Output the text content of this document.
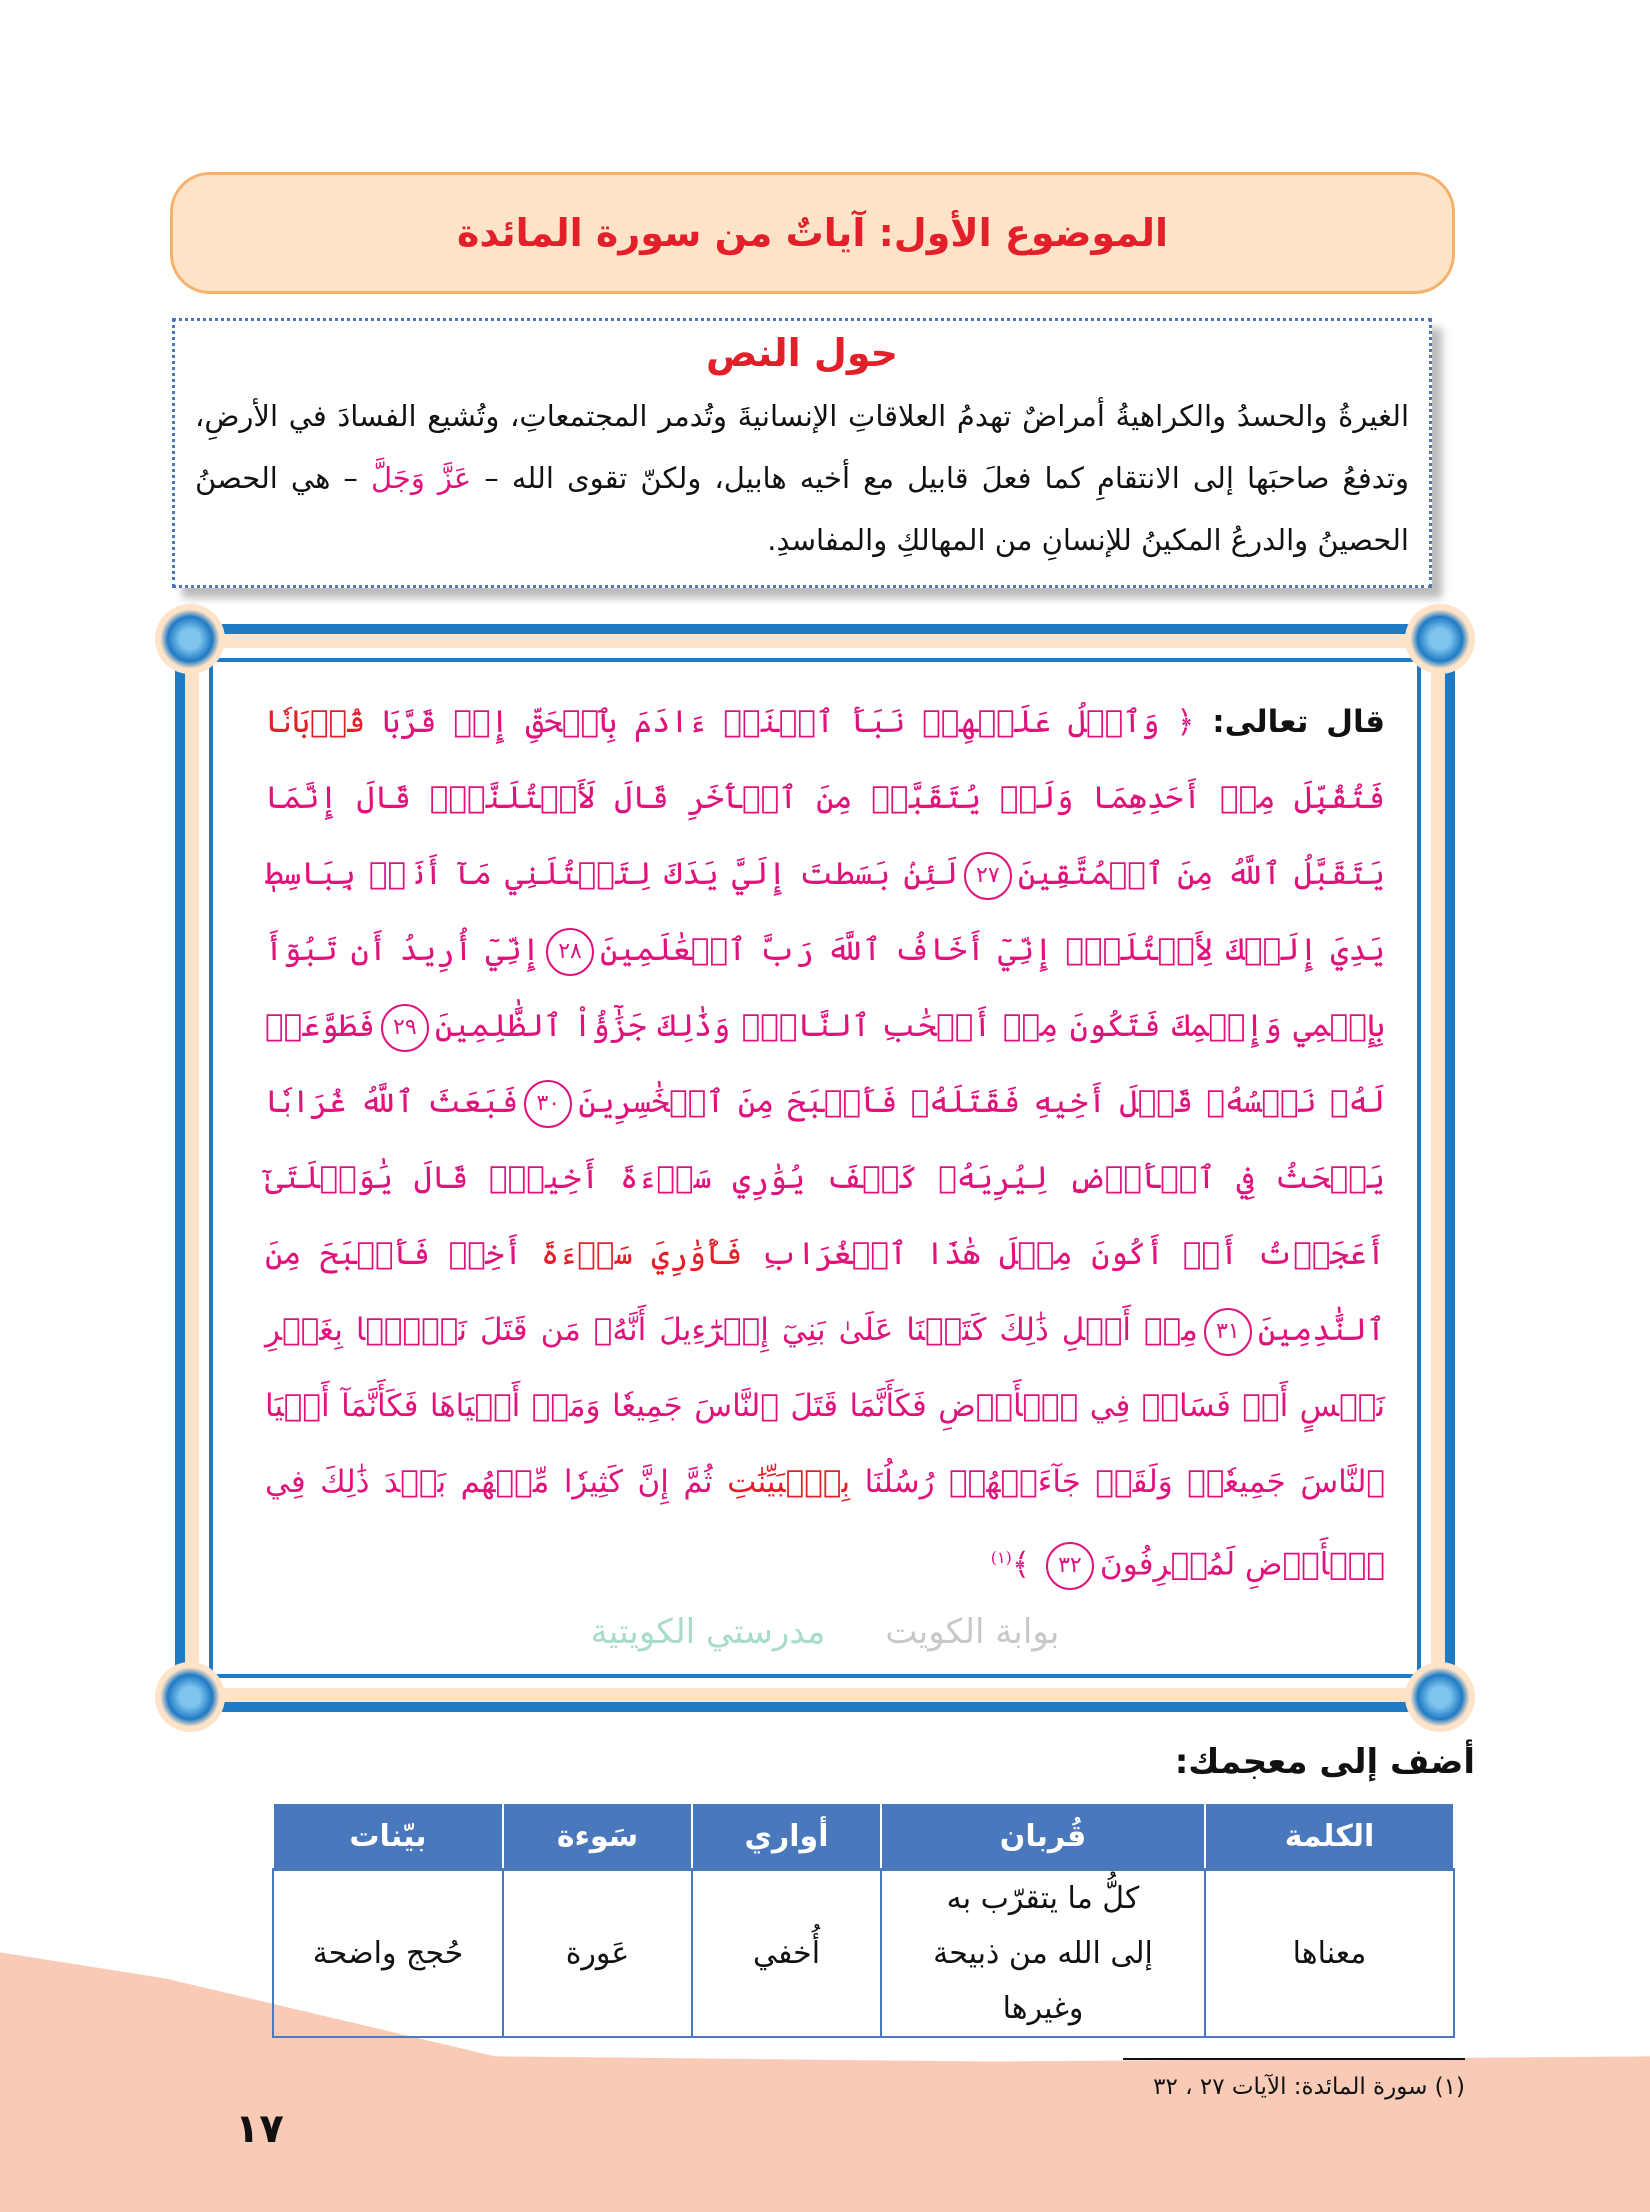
الموضوع الأول: آياتٌ من سورة المائدة
حول النص

الغيرةُ والحسدُ والكراهيةُ أمراضٌ تهدمُ العلاقاتِ الإنسانيةَ وتُدمر المجتمعاتِ، وتُشيع الفسادَ في الأرضِ، وتدفعُ صاحبَها إلى الانتقامِ كما فعلَ قابيل مع أخيه هابيل، ولكنّ تقوى الله – عَزَّ وَجَلَّ – هي الحصنُ الحصينُ والدرعُ المكينُ للإنسانِ من المهالكِ والمفاسدِ.

قال تعالى: ﴿ وَٱتۡلُ عَلَيۡهِمۡ نَبَأَ ٱبۡنَيۡ ءَادَمَ بِٱلۡحَقِّ إِذۡ قَرَّبَا قُرۡبَانٗا فَتُقُبِّلَ مِنۡ أَحَدِهِمَا وَلَمۡ يُتَقَبَّلۡ مِنَ ٱلۡأٓخَرِ قَالَ لَأَقۡتُلَنَّكَۖ قَالَ إِنَّمَا يَتَقَبَّلُ ٱللَّهُ مِنَ ٱلۡمُتَّقِينَ٢٧لَئِنۢ بَسَطتَ إِلَيَّ يَدَكَ لِتَقۡتُلَنِي مَآ أَنَا۠ بِبَاسِطٖ يَدِيَ إِلَيۡكَ لِأَقۡتُلَكَۖ إِنِّيٓ أَخَافُ ٱللَّهَ رَبَّ ٱلۡعَٰلَمِينَ٢٨إِنِّيٓ أُرِيدُ أَن تَبُوٓأَ بِإِثۡمِي وَإِثۡمِكَ فَتَكُونَ مِنۡ أَصۡحَٰبِ ٱلنَّارِۚ وَذَٰلِكَ جَزَٰٓؤُاْ ٱلظَّٰلِمِينَ٢٩فَطَوَّعَتۡ لَهُۥ نَفۡسُهُۥ قَتۡلَ أَخِيهِ فَقَتَلَهُۥ فَأَصۡبَحَ مِنَ ٱلۡخَٰسِرِينَ٣٠فَبَعَثَ ٱللَّهُ غُرَابٗا يَبۡحَثُ فِي ٱلۡأَرۡضِ لِيُرِيَهُۥ كَيۡفَ يُوَٰرِي سَوۡءَةَ أَخِيهِۚ قَالَ يَٰوَيۡلَتَىٰٓ أَعَجَزۡتُ أَنۡ أَكُونَ مِثۡلَ هَٰذَا ٱلۡغُرَابِ فَأُوَٰرِيَ سَوۡءَةَ أَخِيۖ فَأَصۡبَحَ مِنَ ٱلنَّٰدِمِينَ٣١مِنۡ أَجۡلِ ذَٰلِكَ كَتَبۡنَا عَلَىٰ بَنِيٓ إِسۡرَٰٓءِيلَ أَنَّهُۥ مَن قَتَلَ نَفۡسَۢا بِغَيۡرِ نَفۡسٍ أَوۡ فَسَادٖ فِي ٱلۡأَرۡضِ فَكَأَنَّمَا قَتَلَ ٱلنَّاسَ جَمِيعٗا وَمَنۡ أَحۡيَاهَا فَكَأَنَّمَآ أَحۡيَا ٱلنَّاسَ جَمِيعٗاۚ وَلَقَدۡ جَآءَتۡهُمۡ رُسُلُنَا بِٱلۡبَيِّنَٰتِ ثُمَّ إِنَّ كَثِيرٗا مِّنۡهُم بَعۡدَ ذَٰلِكَ فِي ٱلۡأَرۡضِ لَمُسۡرِفُونَ٣٢ ﴾$^{(١)}$
بوابة الكويت
مدرستي الكويتية
أضف إلى معجمك:
الكلمة	قُربان	أواري	سَوءة	بيّنات
معناها	كلُّ ما يتقرّب به إلى الله من ذبيحة وغيرها	أُخفي	عَورة	حُجج واضحة
(١) سورة المائدة: الآيات ٢٧ ، ٣٢
١٧
